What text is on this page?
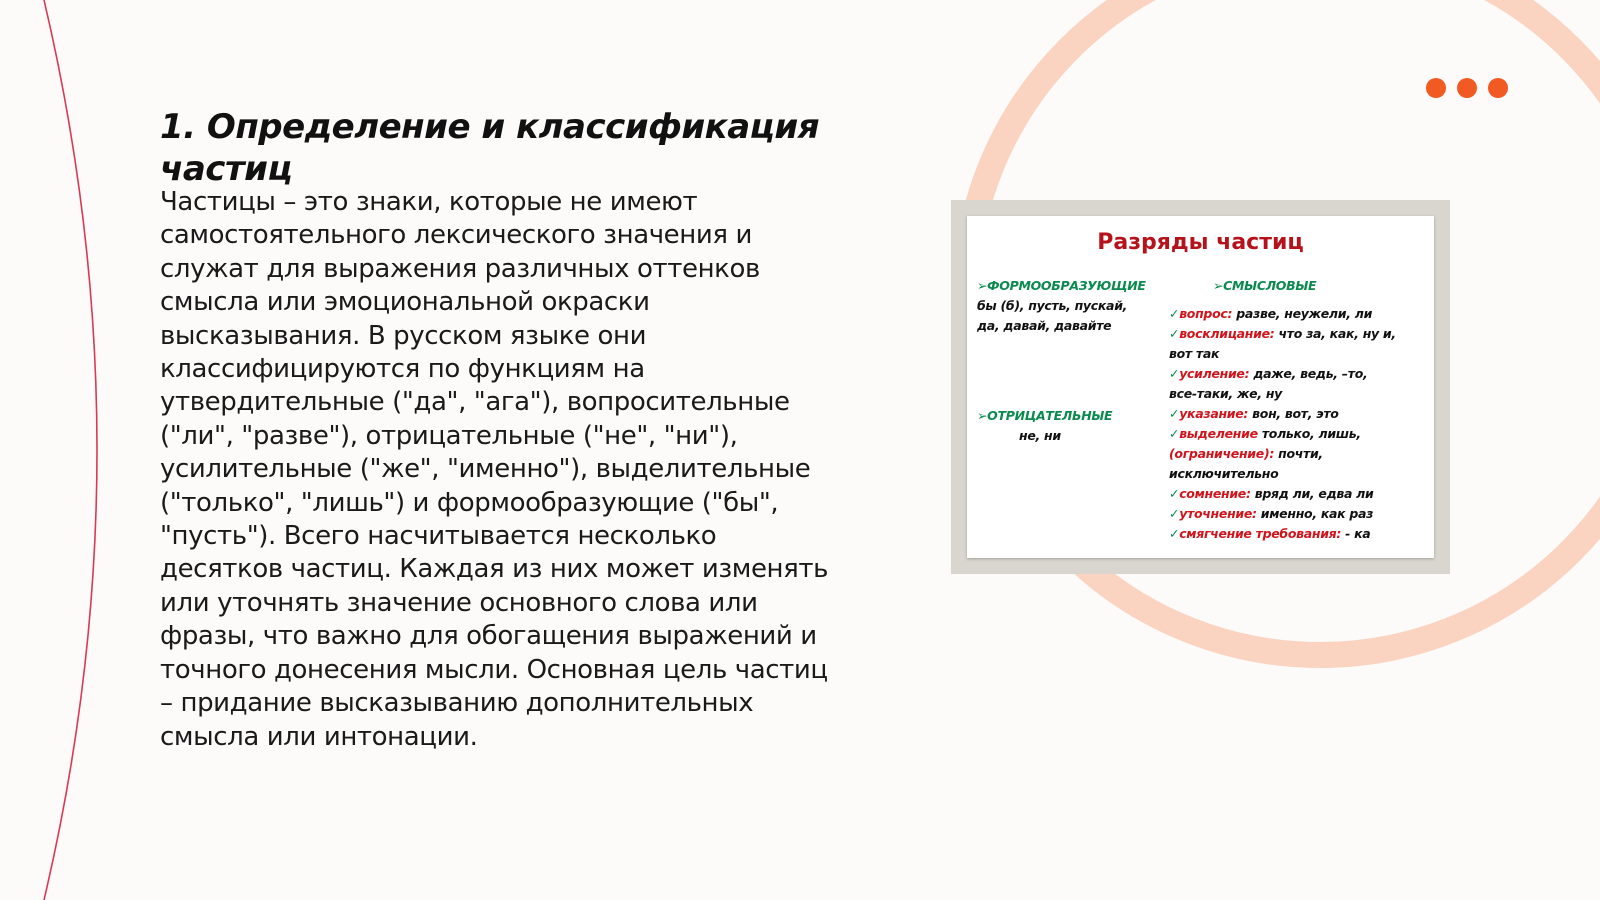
1. Определение и классификация частиц

Частицы – это знаки, которые не имеют самостоятельного лексического значения и служат для выражения различных оттенков смысла или эмоциональной окраски высказывания. В русском языке они классифицируются по функциям на утвердительные ("да", "ага"), вопросительные ("ли", "разве"), отрицательные ("не", "ни"), усилительные ("же", "именно"), выделительные ("только", "лишь") и формообразующие ("бы", "пусть"). Всего насчитывается несколько десятков частиц. Каждая из них может изменять или уточнять значение основного слова или фразы, что важно для обогащения выражений и точного донесения мысли. Основная цель частиц – придание высказыванию дополнительных смысла или интонации.

Разряды частиц
➢ФОРМООБРАЗУЮЩИЕ
бы (б), пусть, пускай,
да, давай, давайте
➢ОТРИЦАТЕЛЬНЫЕ
не, ни
➢СМЫСЛОВЫЕ
✓вопрос: разве, неужели, ли
✓восклицание: что за, как, ну и,
вот так
✓усиление: даже, ведь, –то,
все-таки, же, ну
✓указание: вон, вот, это
✓выделение только, лишь,
(ограничение): почти,
исключительно
✓сомнение: вряд ли, едва ли
✓уточнение: именно, как раз
✓смягчение требования: - ка
